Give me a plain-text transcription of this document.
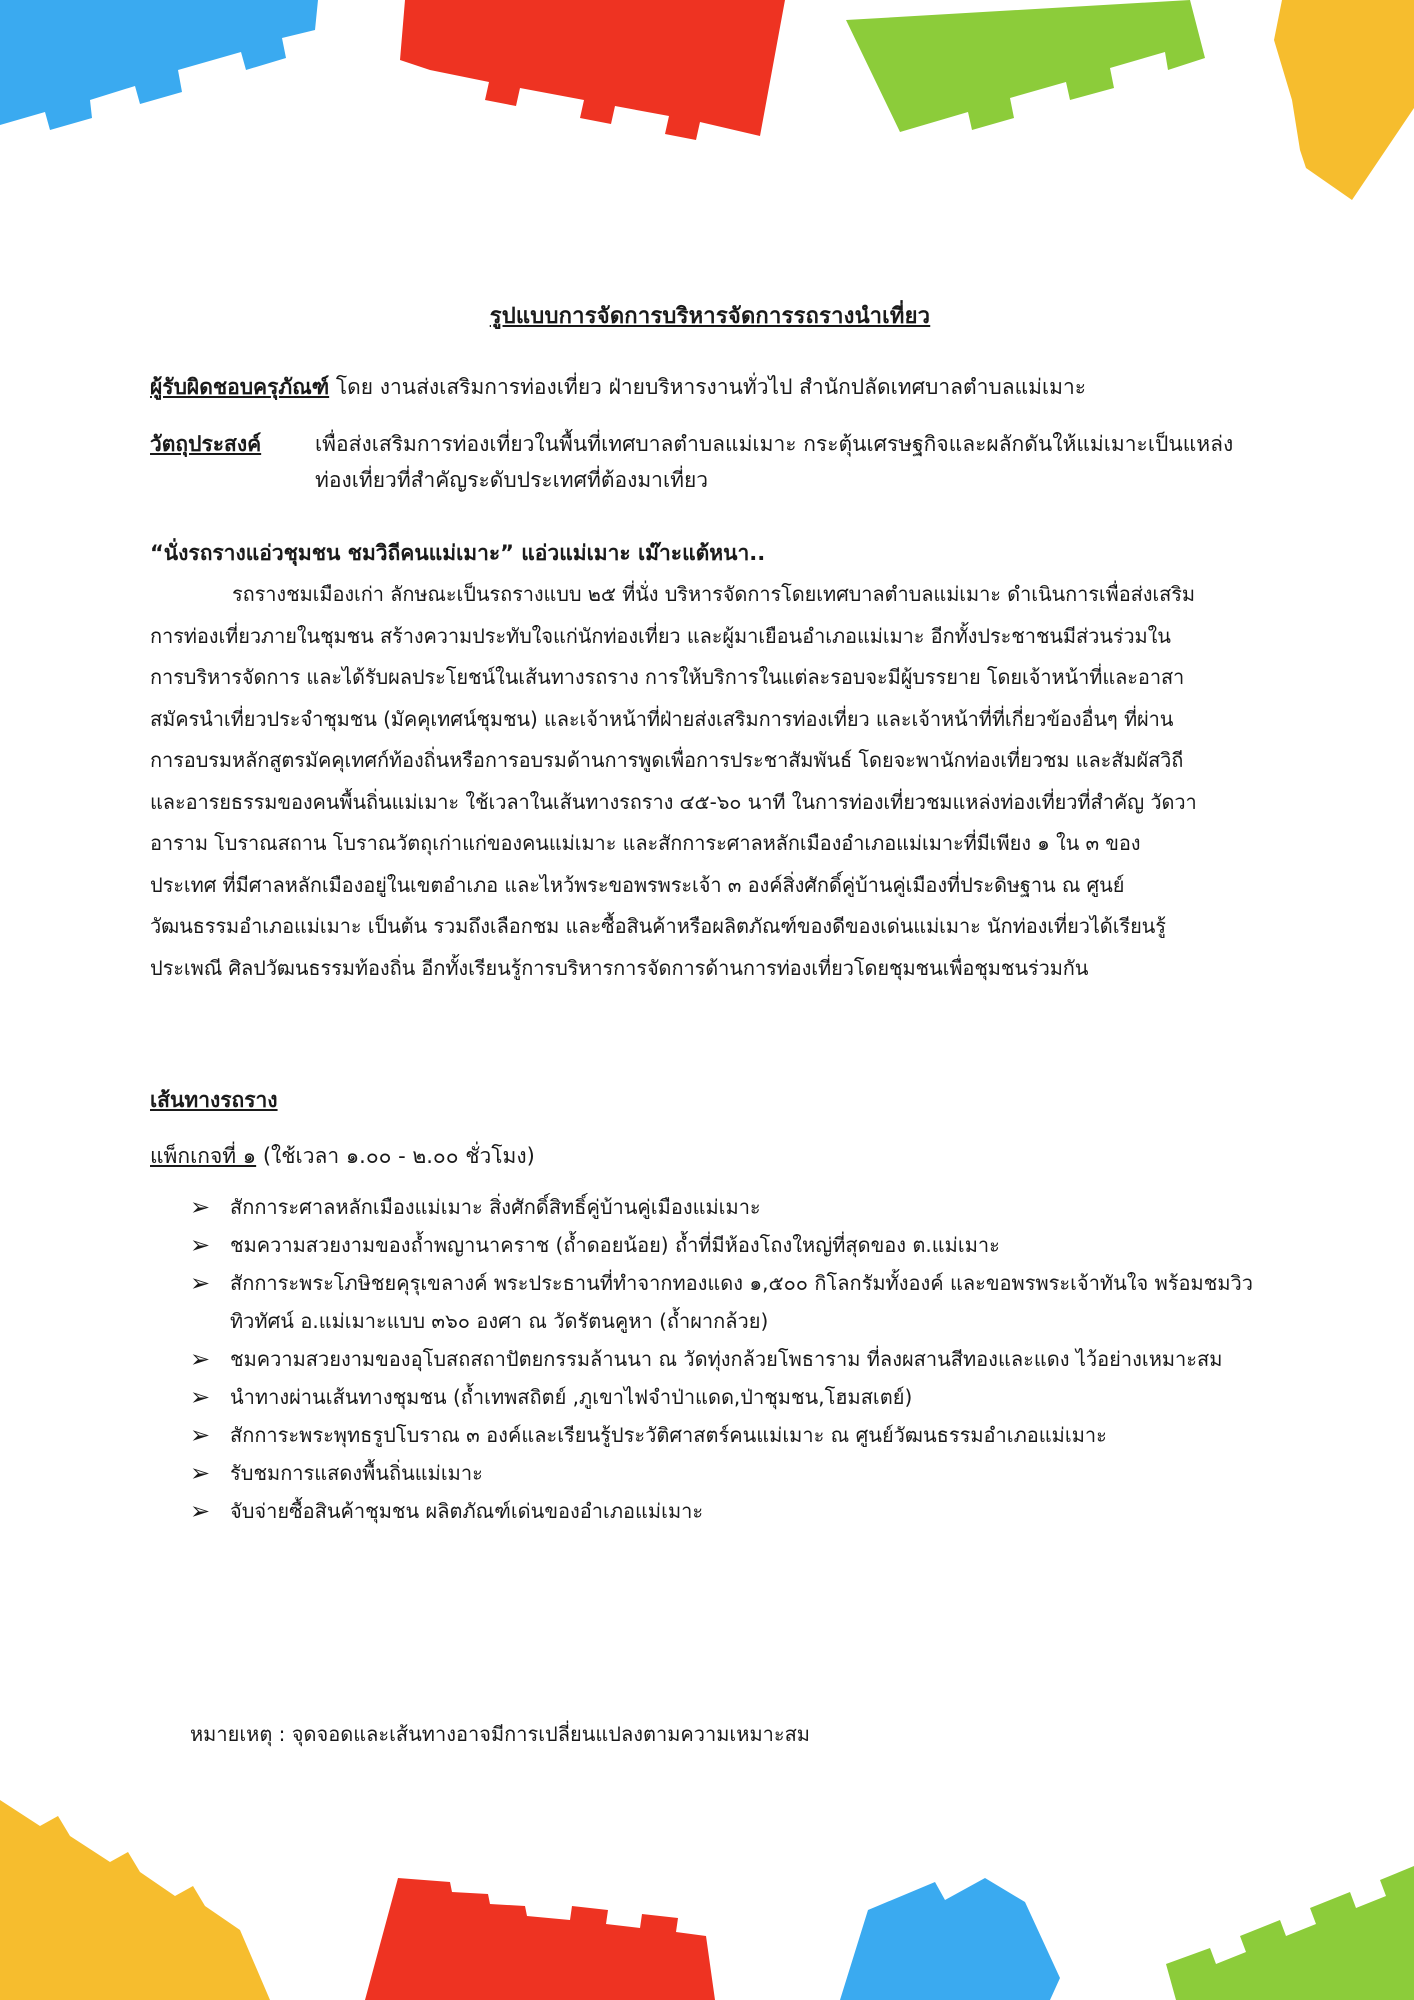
รูปแบบการจัดการบริหารจัดการรถรางนำเที่ยว
ผู้รับผิดชอบครุภัณฑ์ โดย งานส่งเสริมการท่องเที่ยว ฝ่ายบริหารงานทั่วไป สำนักปลัดเทศบาลตำบลแม่เมาะ
วัตถุประสงค์	เพื่อส่งเสริมการท่องเที่ยวในพื้นที่เทศบาลตำบลแม่เมาะ กระตุ้นเศรษฐกิจและผลักดันให้แม่เมาะเป็นแหล่งท่องเที่ยวที่สำคัญระดับประเทศที่ต้องมาเที่ยว
“นั่งรถรางแอ่วชุมชน ชมวิถีคนแม่เมาะ” แอ่วแม่เมาะ เม๊าะแต้หนา..
รถรางชมเมืองเก่า ลักษณะเป็นรถรางแบบ ๒๕ ที่นั่ง บริหารจัดการโดยเทศบาลตำบลแม่เมาะ ดำเนินการเพื่อส่งเสริมการท่องเที่ยวภายในชุมชน สร้างความประทับใจแก่นักท่องเที่ยว และผู้มาเยือนอำเภอแม่เมาะ อีกทั้งประชาชนมีส่วนร่วมในการบริหารจัดการ และได้รับผลประโยชน์ในเส้นทางรถราง การให้บริการในแต่ละรอบจะมีผู้บรรยาย โดยเจ้าหน้าที่และอาสาสมัครนำเที่ยวประจำชุมชน (มัคคุเทศน์ชุมชน) และเจ้าหน้าที่ฝ่ายส่งเสริมการท่องเที่ยว และเจ้าหน้าที่ที่เกี่ยวข้องอื่นๆ ที่ผ่านการอบรมหลักสูตรมัคคุเทศก์ท้องถิ่นหรือการอบรมด้านการพูดเพื่อการประชาสัมพันธ์ โดยจะพานักท่องเที่ยวชม และสัมผัสวิถี และอารยธรรมของคนพื้นถิ่นแม่เมาะ ใช้เวลาในเส้นทางรถราง ๔๕-๖๐ นาที ในการท่องเที่ยวชมแหล่งท่องเที่ยวที่สำคัญ วัดวาอาราม โบราณสถาน โบราณวัตถุเก่าแก่ของคนแม่เมาะ และสักการะศาลหลักเมืองอำเภอแม่เมาะที่มีเพียง ๑ ใน ๓ ของประเทศ ที่มีศาลหลักเมืองอยู่ในเขตอำเภอ และไหว้พระขอพรพระเจ้า ๓ องค์สิ่งศักดิ์คู่บ้านคู่เมืองที่ประดิษฐาน ณ ศูนย์วัฒนธรรมอำเภอแม่เมาะ เป็นต้น รวมถึงเลือกชม และซื้อสินค้าหรือผลิตภัณฑ์ของดีของเด่นแม่เมาะ นักท่องเที่ยวได้เรียนรู้ประเพณี ศิลปวัฒนธรรมท้องถิ่น อีกทั้งเรียนรู้การบริหารการจัดการด้านการท่องเที่ยวโดยชุมชนเพื่อชุมชนร่วมกัน
เส้นทางรถราง
แพ็กเกจที่ ๑ (ใช้เวลา ๑.๐๐ - ๒.๐๐ ชั่วโมง)
➢ สักการะศาลหลักเมืองแม่เมาะ สิ่งศักดิ์สิทธิ์คู่บ้านคู่เมืองแม่เมาะ
➢ ชมความสวยงามของถ้ำพญานาคราช (ถ้ำดอยน้อย) ถ้ำที่มีห้องโถงใหญ่ที่สุดของ ต.แม่เมาะ
➢ สักการะพระโภษิชยคุรุเขลางค์ พระประธานที่ทำจากทองแดง ๑,๕๐๐ กิโลกรัมทั้งองค์ และขอพรพระเจ้าทันใจ พร้อมชมวิวทิวทัศน์ อ.แม่เมาะแบบ ๓๖๐ องศา ณ วัดรัตนคูหา (ถ้ำผากล้วย)
➢ ชมความสวยงามของอุโบสถสถาปัตยกรรมล้านนา ณ วัดทุ่งกล้วยโพธาราม ที่ลงผสานสีทองและแดง ไว้อย่างเหมาะสม
➢ นำทางผ่านเส้นทางชุมชน (ถ้ำเทพสถิตย์ ,ภูเขาไฟจำป่าแดด,ป่าชุมชน,โฮมสเตย์)
➢ สักการะพระพุทธรูปโบราณ ๓ องค์และเรียนรู้ประวัติศาสตร์คนแม่เมาะ ณ ศูนย์วัฒนธรรมอำเภอแม่เมาะ
➢ รับชมการแสดงพื้นถิ่นแม่เมาะ
➢ จับจ่ายซื้อสินค้าชุมชน ผลิตภัณฑ์เด่นของอำเภอแม่เมาะ
หมายเหตุ : จุดจอดและเส้นทางอาจมีการเปลี่ยนแปลงตามความเหมาะสม
